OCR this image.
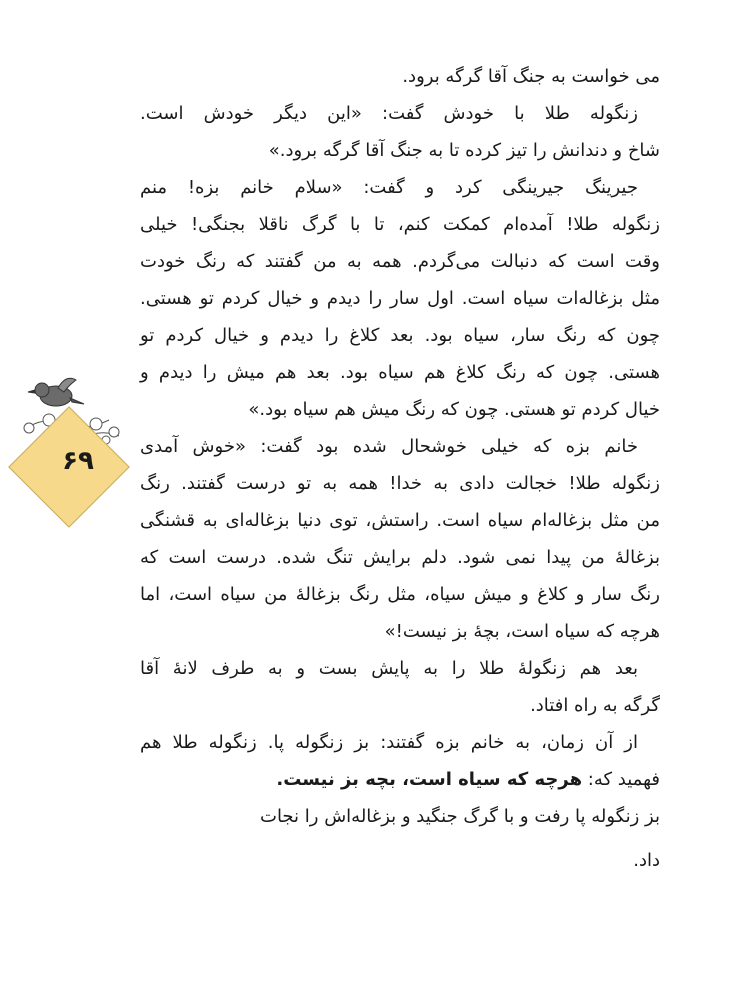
می خواست به جنگ آقا گرگه برود.
زنگوله طلا با خودش گفت: «این دیگر خودش است.
شاخ و دندانش را تیز کرده تا به جنگ آقا گرگه برود.»
جیرینگ جیرینگی کرد و گفت: «سلام خانم بزه! منم
زنگوله طلا! آمده‌ام کمکت کنم، تا با گرگ ناقلا بجنگی! خیلی
وقت است که دنبالت می‌گردم. همه به من گفتند که رنگ خودت
مثل بزغاله‌ات سیاه است. اول سار را دیدم و خیال کردم تو هستی.
چون که رنگ سار، سیاه بود. بعد کلاغ را دیدم و خیال کردم تو
هستی. چون که رنگ کلاغ هم سیاه بود. بعد هم میش را دیدم و
خیال کردم تو هستی. چون که رنگ میش هم سیاه بود.»
خانم بزه که خیلی خوشحال شده بود گفت: «خوش آمدی
زنگوله طلا! خجالت دادی به خدا! همه به تو درست گفتند. رنگ
من مثل بزغاله‌ام سیاه است. راستش، توی دنیا بزغاله‌ای به قشنگی
بزغالهٔ من پیدا نمی شود. دلم برایش تنگ شده. درست است که
رنگ سار و کلاغ و میش سیاه، مثل رنگ بزغالهٔ من سیاه است، اما
هرچه که سیاه است، بچهٔ بز نیست!»
بعد هم زنگولهٔ طلا را به پایش بست و به طرف لانهٔ آقا
گرگه به راه افتاد.
از آن زمان، به خانم بزه گفتند: بز زنگوله پا. زنگوله طلا هم
فهمید که: هرچه که سیاه است، بچه بز نیست.
بز زنگوله پا رفت و با گرگ جنگید و بزغاله‌اش را نجات
داد.
۶۹
